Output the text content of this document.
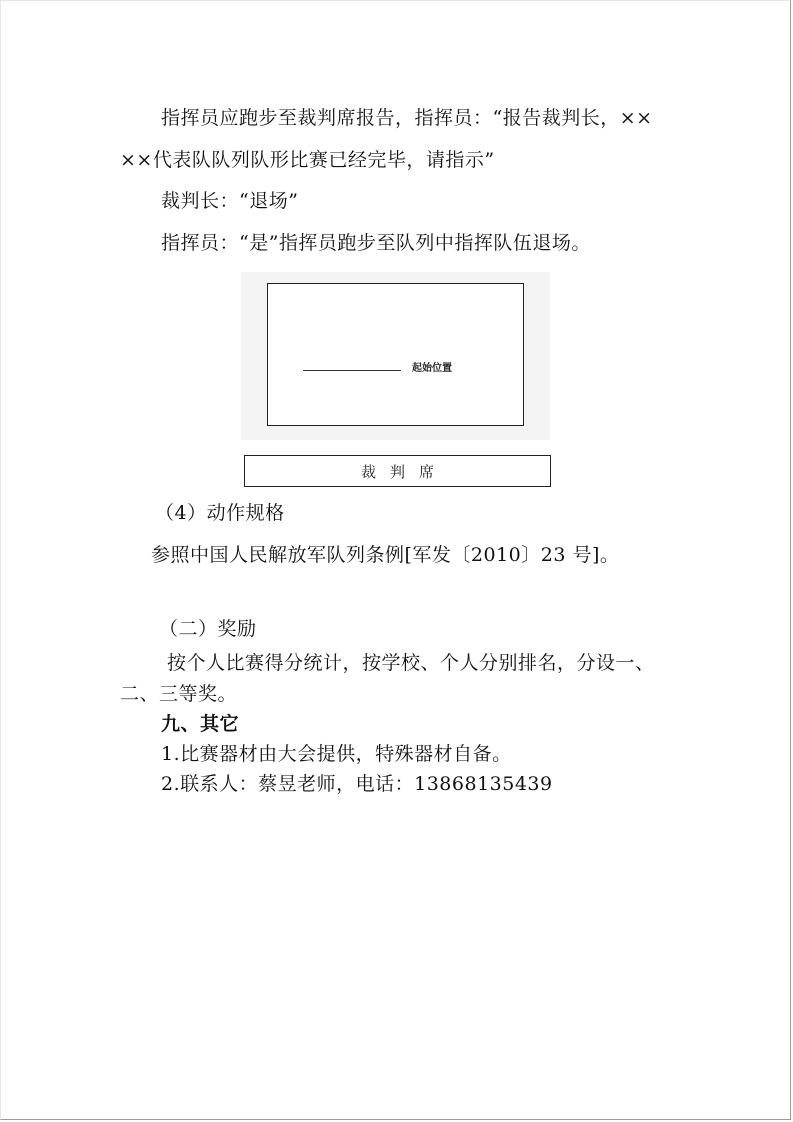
指挥员应跑步至裁判席报告，指挥员：“报告裁判长，××
××代表队队列队形比赛已经完毕，请指示”
裁判长：“退场”
指挥员：“是”指挥员跑步至队列中指挥队伍退场。
起始位置
裁判席
（4）动作规格
参照中国人民解放军队列条例[军发〔2010〕23 号]。
（二）奖励
按个人比赛得分统计，按学校、个人分别排名，分设一、
二、三等奖。
九、其它
1.比赛器材由大会提供，特殊器材自备。
2.联系人：蔡昱老师，电话：13868135439
